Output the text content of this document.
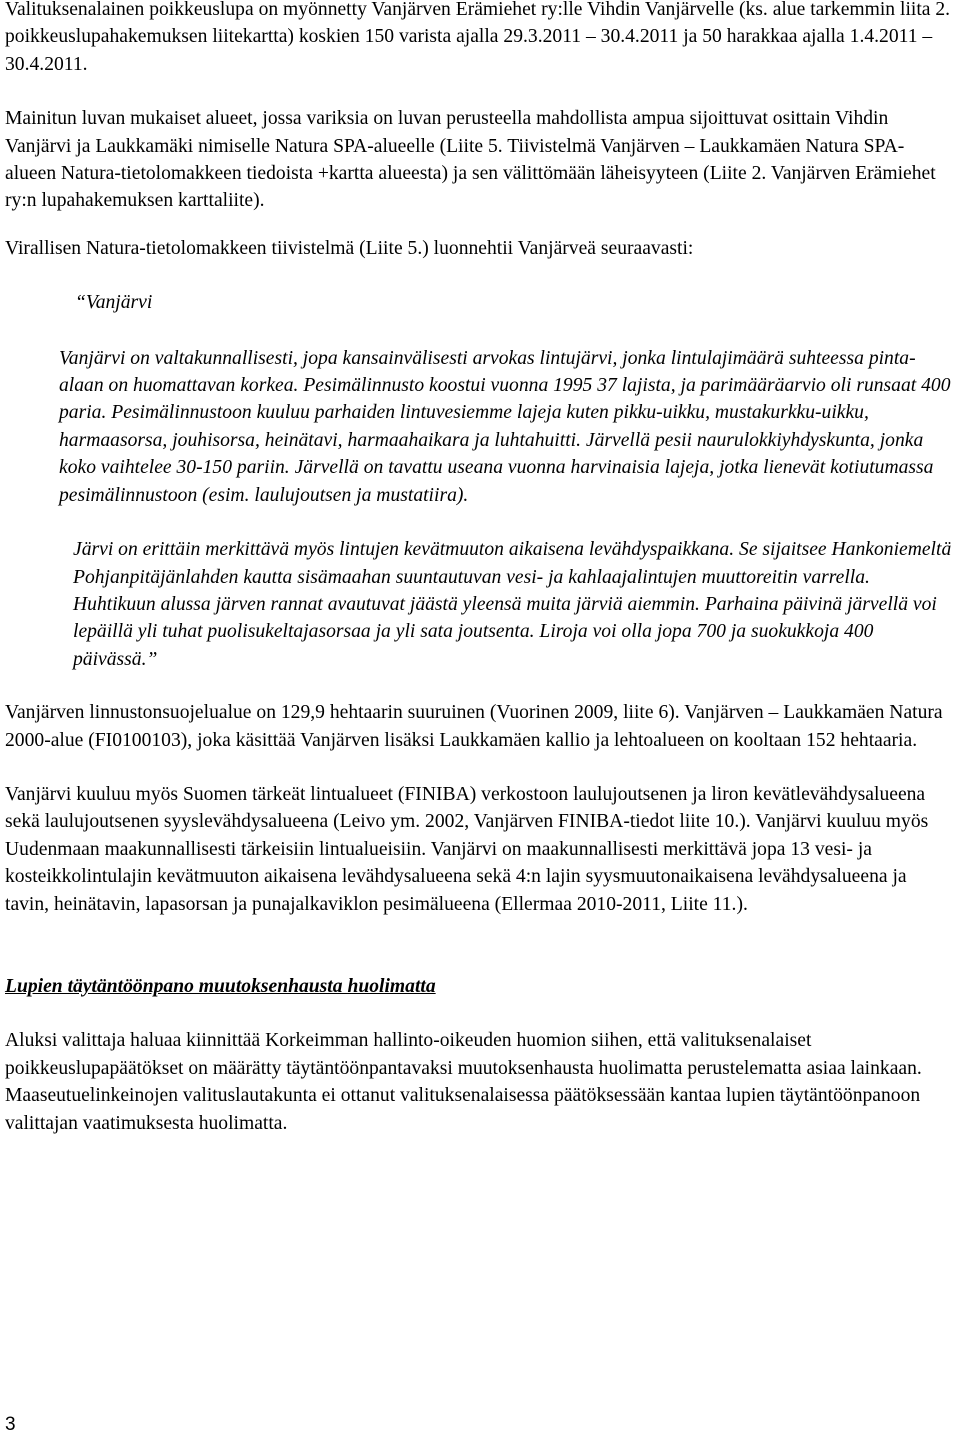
Valituksenalainen poikkeuslupa on myönnetty Vanjärven Erämiehet ry:lle Vihdin Vanjärvelle (ks. alue tarkemmin liita 2. poikkeuslupahakemuksen liitekartta) koskien 150 varista ajalla 29.3.2011 – 30.4.2011 ja 50 harakkaa ajalla 1.4.2011 – 30.4.2011.

Mainitun luvan mukaiset alueet, jossa variksia on luvan perusteella mahdollista ampua sijoittuvat osittain Vihdin Vanjärvi ja Laukkamäki nimiselle Natura SPA-alueelle (Liite 5. Tiivistelmä Vanjärven – Laukkamäen Natura SPA-alueen Natura-tietolomakkeen tiedoista +kartta alueesta) ja sen välittömään läheisyyteen (Liite 2. Vanjärven Erämiehet ry:n lupahakemuksen karttaliite).

Virallisen Natura-tietolomakkeen tiivistelmä (Liite 5.) luonnehtii Vanjärveä seuraavasti:

“Vanjärvi

Vanjärvi on valtakunnallisesti, jopa kansainvälisesti arvokas lintujärvi, jonka lintulajimäärä suhteessa pinta-alaan on huomattavan korkea. Pesimälinnusto koostui vuonna 1995 37 lajista, ja parimääräarvio oli runsaat 400 paria. Pesimälinnustoon kuuluu parhaiden lintuvesiemme lajeja kuten pikku-uikku, mustakurkku-uikku, harmaasorsa, jouhisorsa, heinätavi, harmaahaikara ja luhtahuitti. Järvellä pesii naurulokkiyhdyskunta, jonka koko vaihtelee 30-150 pariin. Järvellä on tavattu useana vuonna harvinaisia lajeja, jotka lienevät kotiutumassa pesimälinnustoon (esim. laulujoutsen ja mustatiira).

Järvi on erittäin merkittävä myös lintujen kevätmuuton aikaisena levähdyspaikkana. Se sijaitsee Hankoniemeltä Pohjanpitäjänlahden kautta sisämaahan suuntautuvan vesi- ja kahlaajalintujen muuttoreitin varrella. Huhtikuun alussa järven rannat avautuvat jäästä yleensä muita järviä aiemmin. Parhaina päivinä järvellä voi lepäillä yli tuhat puolisukeltajasorsaa ja yli sata joutsenta. Liroja voi olla jopa 700 ja suokukkoja 400 päivässä.”

Vanjärven linnustonsuojelualue on 129,9 hehtaarin suuruinen (Vuorinen 2009, liite 6). Vanjärven – Laukkamäen Natura 2000-alue (FI0100103), joka käsittää Vanjärven lisäksi Laukkamäen kallio ja lehtoalueen on kooltaan 152 hehtaaria.

Vanjärvi kuuluu myös Suomen tärkeät lintualueet (FINIBA) verkostoon laulujoutsenen ja liron kevätlevähdysalueena sekä laulujoutsenen syyslevähdysalueena (Leivo ym. 2002, Vanjärven FINIBA-tiedot liite 10.). Vanjärvi kuuluu myös Uudenmaan maakunnallisesti tärkeisiin lintualueisiin. Vanjärvi on maakunnallisesti merkittävä jopa 13 vesi- ja kosteikkolintulajin kevätmuuton aikaisena levähdysalueena sekä 4:n lajin syysmuutonaikaisena levähdysalueena ja tavin, heinätavin, lapasorsan ja punajalkaviklon pesimälueena (Ellermaa 2010-2011, Liite 11.).

Lupien täytäntöönpano muutoksenhausta huolimatta

Aluksi valittaja haluaa kiinnittää Korkeimman hallinto-oikeuden huomion siihen, että valituksenalaiset poikkeuslupapäätökset on määrätty täytäntöönpantavaksi muutoksenhausta huolimatta perustelematta asiaa lainkaan. Maaseutuelinkeinojen valituslautakunta ei ottanut valituksenalaisessa päätöksessään kantaa lupien täytäntöönpanoon valittajan vaatimuksesta huolimatta.

3
